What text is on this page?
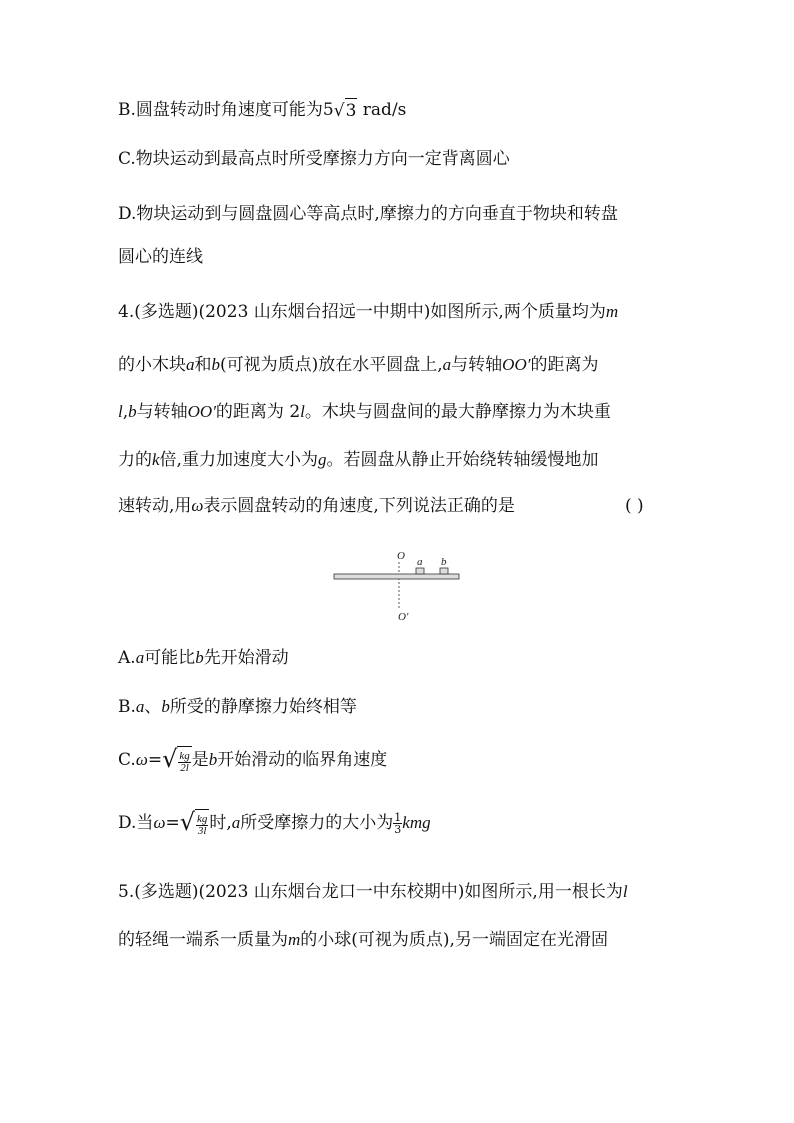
B.圆盘转动时角速度可能为5√3 rad/s
C.物块运动到最高点时所受摩擦力方向一定背离圆心
D.物块运动到与圆盘圆心等高点时,摩擦力的方向垂直于物块和转盘
圆心的连线
4.(多选题)(2023 山东烟台招远一中期中)如图所示,两个质量均为m
的小木块a和b(可视为质点)放在水平圆盘上,a与转轴OO′的距离为
l,b与转轴OO′的距离为 2l。木块与圆盘间的最大静摩擦力为木块重
力的k倍,重力加速度大小为g。若圆盘从静止开始绕转轴缓慢地加
速转动,用ω表示圆盘转动的角速度,下列说法正确的是	( )
O a b
O′
A.a可能比b先开始滑动
B.a、b所受的静摩擦力始终相等
$C.\omega=√ \frac{kg}{2l}$ 是b开始滑动的临界角速度
D.当$\omega=√ \frac{kg}{3l}$ 时,a所受摩擦力的大小为 $\frac{1}{3}$ kmg
5.(多选题)(2023 山东烟台龙口一中东校期中)如图所示,用一根长为l
的轻绳一端系一质量为m的小球(可视为质点),另一端固定在光滑固
